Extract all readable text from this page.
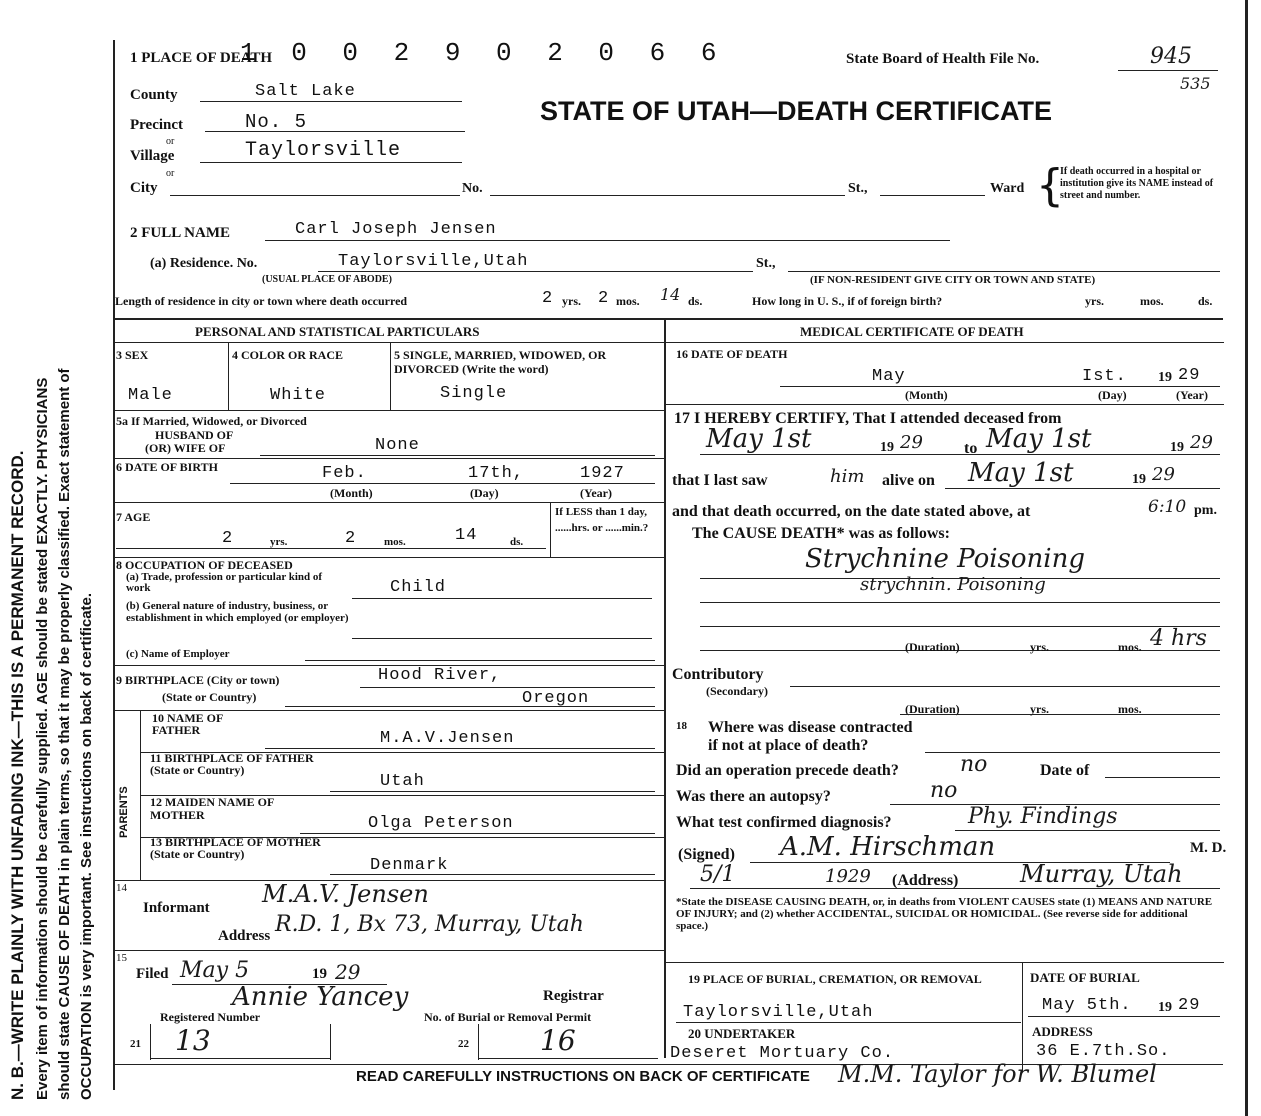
N. B.—WRITE PLAINLY WITH UNFADING INK—THIS IS A PERMANENT RECORD. Every item of information should be carefully supplied. AGE should be stated EXACTLY. PHYSICIANS should state CAUSE OF DEATH in plain terms, so that it may be properly classified. Exact statement of OCCUPATION is very important. See instructions on back of certificate.
1 0 0 2 9 0 2 0 6 6
1 PLACE OF DEATH	State Board of Health File No.	945
535
STATE OF UTAH—DEATH CERTIFICATE
County	Salt Lake
Precinct	No. 5
or
Village	Taylorsville
or
City	No.	St.,	Ward {
If death occurred in a hospital or institution give its NAME instead of street and number.
2 FULL NAME	Carl Joseph Jensen
(a) Residence. No.	Taylorsville,Utah	St.,
(USUAL PLACE OF ABODE)	(IF NON-RESIDENT GIVE CITY OR TOWN AND STATE)
Length of residence in city or town where death occurred	2 yrs. 2 mos. 14 ds.	How long in U. S., if of foreign birth?	yrs.	mos.	ds.
PERSONAL AND STATISTICAL PARTICULARS
3 SEX
Male
4 COLOR OR RACE
White
5 SINGLE, MARRIED, WIDOWED, OR DIVORCED (Write the word)
Single
5a If Married, Widowed, or Divorced
HUSBAND OF
(OR) WIFE OF	None
6 DATE OF BIRTH	Feb.	17th,	1927
(Month)	(Day)	(Year)
7 AGE
2	yrs.	2	mos.	14	ds.
If LESS than 1 day, ......hrs. or ......min.?
8 OCCUPATION OF DECEASED
(a) Trade, profession or particular kind of work	Child
(b) General nature of industry, business, or establishment in which employed (or employer)
(c) Name of Employer
9 BIRTHPLACE (City or town)	Hood River,
(State or Country)	Oregon
PARENTS
10 NAME OF FATHER	M.A.V.Jensen
11 BIRTHPLACE OF FATHER (State or Country)
Utah
12 MAIDEN NAME OF MOTHER	Olga Peterson
13 BIRTHPLACE OF MOTHER (State or Country)
Denmark
14
Informant M.A.V. Jensen
Address R.D. 1, Bx 73, Murray, Utah
15
Filed May 5	19 29
Annie Yancey	Registrar
Registered Number	No. of Burial or Removal Permit
21 13	22	16
MEDICAL CERTIFICATE OF DEATH
16 DATE OF DEATH
May	Ist. 19 29
(Month)	(Day)	(Year)
17 I HEREBY CERTIFY, That I attended deceased from
May 1st	19 29	to May 1st	19 29
that I last saw	him alive on May 1st	19 29
and that death occurred, on the date stated above, at	6:10 pm.
The CAUSE DEATH* was as follows:
Strychnine Poisoning
strychnin. Poisoning
(Duration)	yrs.	mos. 4 hrs
Contributory
(Secondary)
(Duration)	yrs.	mos.
18 Where was disease contracted
if not at place of death?
Did an operation precede death?	no	Date of
Was there an autopsy?	no
What test confirmed diagnosis?	Phy. Findings
(Signed) A.M. Hirschman	M. D.
5/1	1929 (Address)	Murray, Utah
*State the DISEASE CAUSING DEATH, or, in deaths from VIOLENT CAUSES state (1) MEANS AND NATURE OF INJURY; and (2) whether ACCIDENTAL, SUICIDAL OR HOMICIDAL. (See reverse side for additional space.)
19 PLACE OF BURIAL, CREMATION, OR REMOVAL
Taylorsville,Utah
DATE OF BURIAL
May 5th. 19 29
20 UNDERTAKER
Deseret Mortuary Co.
ADDRESS
36 E.7th.So.
READ CAREFULLY INSTRUCTIONS ON BACK OF CERTIFICATE M.M. Taylor for W. Blumel
